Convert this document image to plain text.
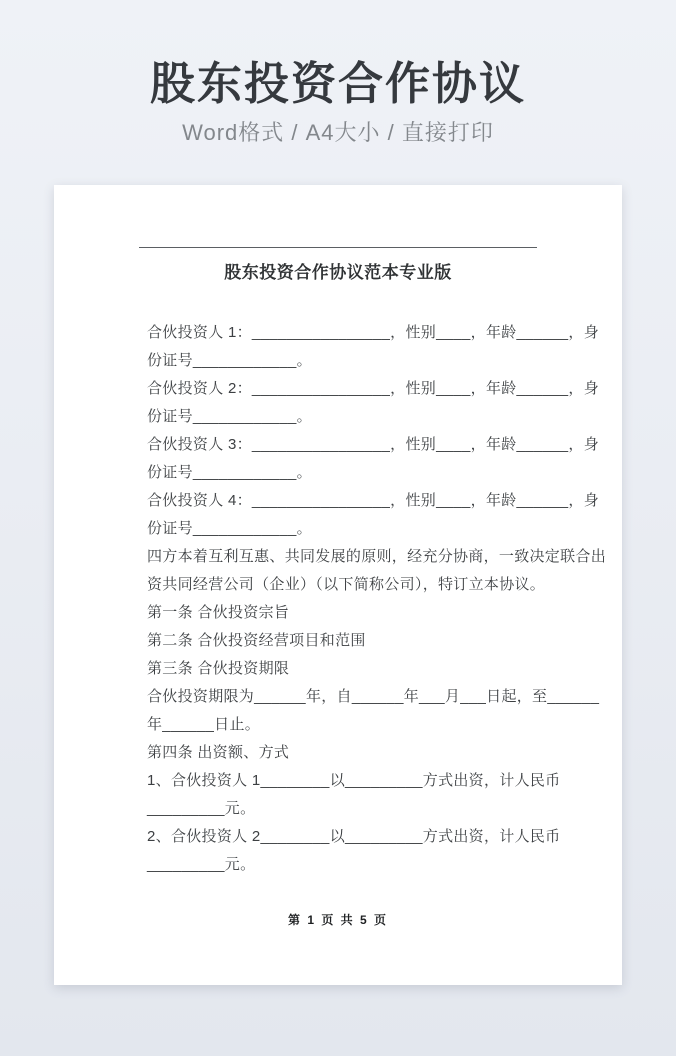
股东投资合作协议
Word格式 / A4大小 / 直接打印
股东投资合作协议范本专业版
合伙投资人 1：________________，性别____，年龄______，身
份证号____________。
合伙投资人 2：________________，性别____，年龄______，身
份证号____________。
合伙投资人 3：________________，性别____，年龄______，身
份证号____________。
合伙投资人 4：________________，性别____，年龄______，身
份证号____________。
四方本着互利互惠、共同发展的原则，经充分协商，一致决定联合出
资共同经营公司（企业）（以下简称公司），特订立本协议。
第一条 合伙投资宗旨
第二条 合伙投资经营项目和范围
第三条 合伙投资期限
合伙投资期限为______年，自______年___月___日起，至______
年______日止。
第四条 出资额、方式
1、合伙投资人 1________以_________方式出资，计人民币
_________元。
2、合伙投资人 2________以_________方式出资，计人民币
_________元。
第 1 页 共 5 页
